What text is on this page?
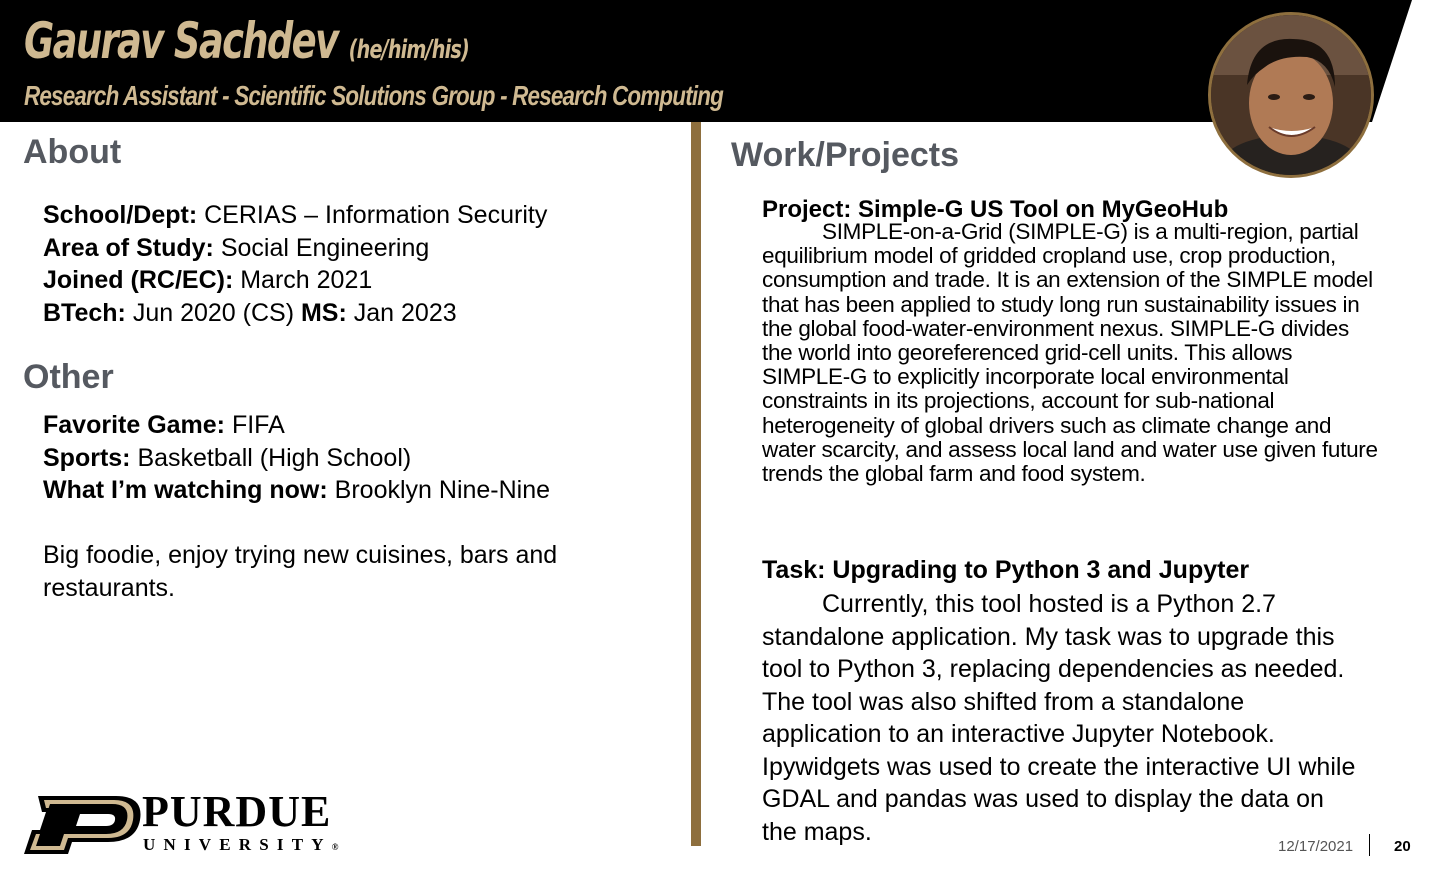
Gaurav Sachdev (he/him/his)
Research Assistant - Scientific Solutions Group - Research Computing
About
School/Dept: CERIAS – Information Security
Area of Study: Social Engineering
Joined (RC/EC): March 2021
BTech: Jun 2020 (CS) MS: Jan 2023
Other
Favorite Game: FIFA
Sports: Basketball (High School)
What I’m watching now: Brooklyn Nine-Nine
Big foodie, enjoy trying new cuisines, bars and restaurants.
Work/Projects
Project: Simple-G US Tool on MyGeoHub
SIMPLE-on-a-Grid (SIMPLE-G) is a multi-region, partial equilibrium model of gridded cropland use, crop production, consumption and trade. It is an extension of the SIMPLE model that has been applied to study long run sustainability issues in the global food-water-environment nexus. SIMPLE-G divides the world into georeferenced grid-cell units. This allows SIMPLE-G to explicitly incorporate local environmental constraints in its projections, account for sub-national heterogeneity of global drivers such as climate change and water scarcity, and assess local land and water use given future trends the global farm and food system.
Task: Upgrading to Python 3 and Jupyter
Currently, this tool hosted is a Python 2.7 standalone application. My task was to upgrade this tool to Python 3, replacing dependencies as needed. The tool was also shifted from a standalone application to an interactive Jupyter Notebook. Ipywidgets was used to create the interactive UI while GDAL and pandas was used to display the data on the maps.
PURDUE
UNIVERSITY®	12/17/2021	20
